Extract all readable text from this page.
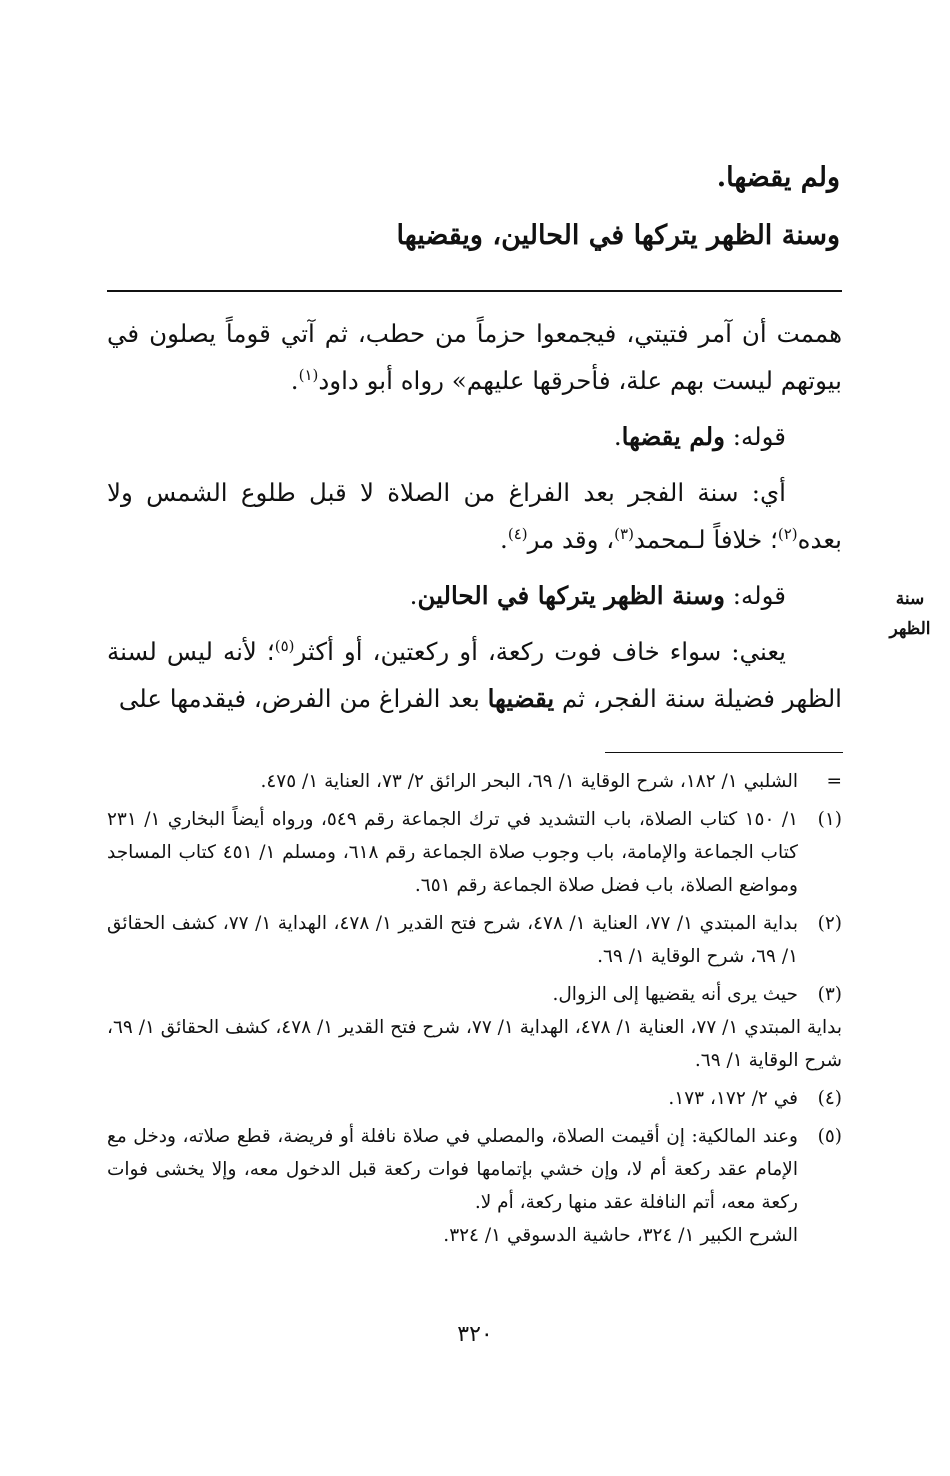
ولم يقضها.
وسنة الظهر يتركها في الحالين، ويقضيها
سنة
الظهر

هممت أن آمر فتيتي، فيجمعوا حزماً من حطب، ثم آتي قوماً يصلون في بيوتهم ليست بهم علة، فأحرقها عليهم» رواه أبو داود$^{(١)}$.

قوله: ولم يقضها.

أي: سنة الفجر بعد الفراغ من الصلاة لا قبل طلوع الشمس ولا بعده$^{(٢)}$؛ خلافاً لـمحمد$^{(٣)}$، وقد مر$^{(٤)}$.

قوله: وسنة الظهر يتركها في الحالين.

يعني: سواء خاف فوت ركعة، أو ركعتين، أو أكثر$^{(٥)}$؛ لأنه ليس لسنة الظهر فضيلة سنة الفجر، ثم يقضيها بعد الفراغ من الفرض، فيقدمها على

=

الشلبي ١/ ١٨٢، شرح الوقاية ١/ ٦٩، البحر الرائق ٢/ ٧٣، العناية ١/ ٤٧٥.

(١)

١/ ١٥٠ كتاب الصلاة، باب التشديد في ترك الجماعة رقم ٥٤٩، ورواه أيضاً البخاري ١/ ٢٣١ كتاب الجماعة والإمامة، باب وجوب صلاة الجماعة رقم ٦١٨، ومسلم ١/ ٤٥١ كتاب المساجد ومواضع الصلاة، باب فضل صلاة الجماعة رقم ٦٥١.

(٢)

بداية المبتدي ١/ ٧٧، العناية ١/ ٤٧٨، شرح فتح القدير ١/ ٤٧٨، الهداية ١/ ٧٧، كشف الحقائق ١/ ٦٩، شرح الوقاية ١/ ٦٩.

(٣)

حيث يرى أنه يقضيها إلى الزوال.

بداية المبتدي ١/ ٧٧، العناية ١/ ٤٧٨، الهداية ١/ ٧٧، شرح فتح القدير ١/ ٤٧٨، كشف الحقائق ١/ ٦٩، شرح الوقاية ١/ ٦٩.

(٤)

في ٢/ ١٧٢، ١٧٣.

(٥)

وعند المالكية: إن أقيمت الصلاة، والمصلي في صلاة نافلة أو فريضة، قطع صلاته، ودخل مع الإمام عقد ركعة أم لا، وإن خشي بإتمامها فوات ركعة قبل الدخول معه، وإلا يخشى فوات ركعة معه، أتم النافلة عقد منها ركعة، أم لا.

الشرح الكبير ١/ ٣٢٤، حاشية الدسوقي ١/ ٣٢٤.

٣٢٠
